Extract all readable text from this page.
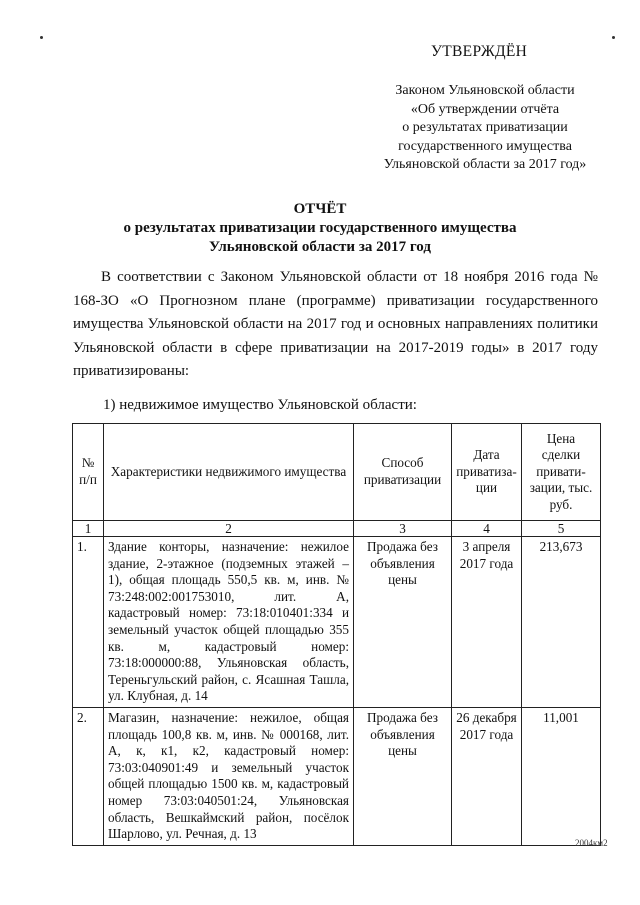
УТВЕРЖДЁН
Законом Ульяновской области
«Об утверждении отчёта
о результатах приватизации
государственного имущества
Ульяновской области за 2017 год»
ОТЧЁТ
о результатах приватизации государственного имущества
Ульяновской области за 2017 год

В соответствии с Законом Ульяновской области от 18 ноября 2016 года № 168-ЗО «О Прогнозном плане (программе) приватизации государственного имущества Ульяновской области на 2017 год и основных направлениях политики Ульяновской области в сфере приватизации на 2017-2019 годы» в 2017 году приватизированы:

1) недвижимое имущество Ульяновской области:
№ п/п	Характеристики недвижимого имущества	Способ приватизации	Дата приватиза-ции	Цена сделки привати-зации, тыс. руб.
1	2	3	4	5
1.	Здание конторы, назначение: нежилое здание, 2-этажное (подземных этажей – 1), общая площадь 550,5 кв. м, инв. № 73:248:002:001753010, лит. А, кадастровый номер: 73:18:010401:334 и земельный участок общей площадью 355 кв. м, кадастровый номер: 73:18:000000:88, Ульяновская область, Тереньгульский район, с. Ясашная Ташла, ул. Клубная, д. 14	Продажа без объявления цены	3 апреля 2017 года	213,673
2.	Магазин, назначение: нежилое, общая площадь 100,8 кв. м, инв. № 000168, лит. А, к, к1, к2, кадастровый номер: 73:03:040901:49 и земельный участок общей площадью 1500 кв. м, кадастровый номер 73:03:040501:24, Ульяновская область, Вешкаймский район, посёлок Шарлово, ул. Речная, д. 13	Продажа без объявления цены	26 декабря 2017 года	11,001
2004км2
